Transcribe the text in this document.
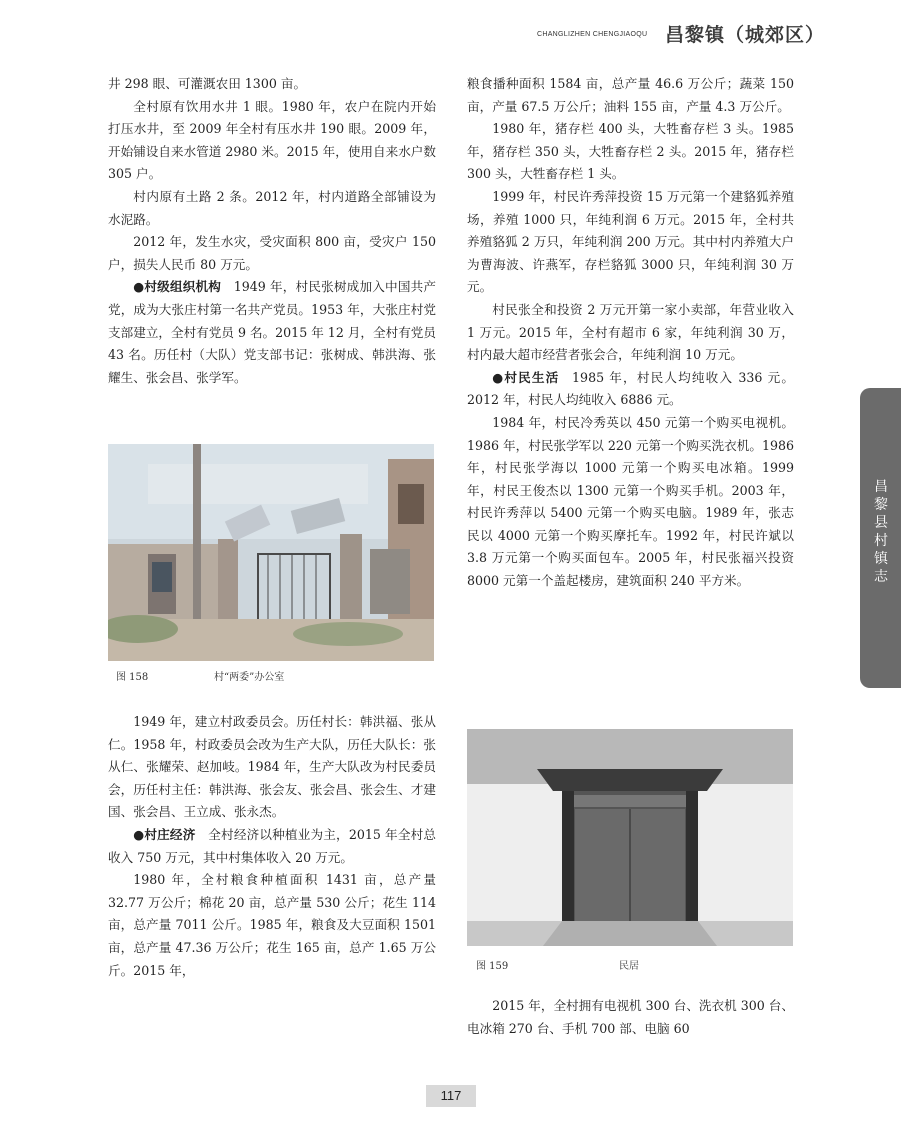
CHANGLIZHEN CHENGJIAOQU 昌黎镇（城郊区）

井 298 眼、可灌溉农田 1300 亩。

全村原有饮用水井 1 眼。1980 年，农户在院内开始打压水井，至 2009 年全村有压水井 190 眼。2009 年，开始铺设自来水管道 2980 米。2015 年，使用自来水户数 305 户。

村内原有土路 2 条。2012 年，村内道路全部铺设为水泥路。

2012 年，发生水灾，受灾面积 800 亩，受灾户 150 户，损失人民币 80 万元。

●村级组织机构  1949 年，村民张树成加入中国共产党，成为大张庄村第一名共产党员。1953 年，大张庄村党支部建立，全村有党员 9 名。2015 年 12 月，全村有党员 43 名。历任村（大队）党支部书记：张树成、韩洪海、张耀生、张会昌、张学军。

图 158	村“两委”办公室

1949 年，建立村政委员会。历任村长：韩洪福、张从仁。1958 年，村政委员会改为生产大队，历任大队长：张从仁、张耀荣、赵加岐。1984 年，生产大队改为村民委员会，历任村主任：韩洪海、张会友、张会昌、张会生、才建国、张会昌、王立成、张永杰。

●村庄经济  全村经济以种植业为主，2015 年全村总收入 750 万元，其中村集体收入 20 万元。

1980 年，全村粮食种植面积 1431 亩，总产量 32.77 万公斤；棉花 20 亩，总产量 530 公斤；花生 114 亩，总产量 7011 公斤。1985 年，粮食及大豆面积 1501 亩，总产量 47.36 万公斤；花生 165 亩，总产 1.65 万公斤。2015 年，

粮食播种面积 1584 亩，总产量 46.6 万公斤；蔬菜 150 亩，产量 67.5 万公斤；油料 155 亩，产量 4.3 万公斤。

1980 年，猪存栏 400 头，大牲畜存栏 3 头。1985 年，猪存栏 350 头，大牲畜存栏 2 头。2015 年，猪存栏 300 头，大牲畜存栏 1 头。

1999 年，村民许秀萍投资 15 万元第一个建貉狐养殖场，养殖 1000 只，年纯利润 6 万元。2015 年，全村共养殖貉狐 2 万只，年纯利润 200 万元。其中村内养殖大户为曹海波、许燕军，存栏貉狐 3000 只，年纯利润 30 万元。

村民张全和投资 2 万元开第一家小卖部，年营业收入 1 万元。2015 年，全村有超市 6 家，年纯利润 30 万，村内最大超市经营者张会合，年纯利润 10 万元。

●村民生活  1985 年，村民人均纯收入 336 元。2012 年，村民人均纯收入 6886 元。

1984 年，村民冷秀英以 450 元第一个购买电视机。1986 年，村民张学军以 220 元第一个购买洗衣机。1986 年，村民张学海以 1000 元第一个购买电冰箱。1999 年，村民王俊杰以 1300 元第一个购买手机。2003 年，村民许秀萍以 5400 元第一个购买电脑。1989 年，张志民以 4000 元第一个购买摩托车。1992 年，村民许斌以 3.8 万元第一个购买面包车。2005 年，村民张福兴投资 8000 元第一个盖起楼房，建筑面积 240 平方米。

图 159	民居

2015 年，全村拥有电视机 300 台、洗衣机 300 台、电冰箱 270 台、手机 700 部、电脑 60

昌黎县村镇志
117
